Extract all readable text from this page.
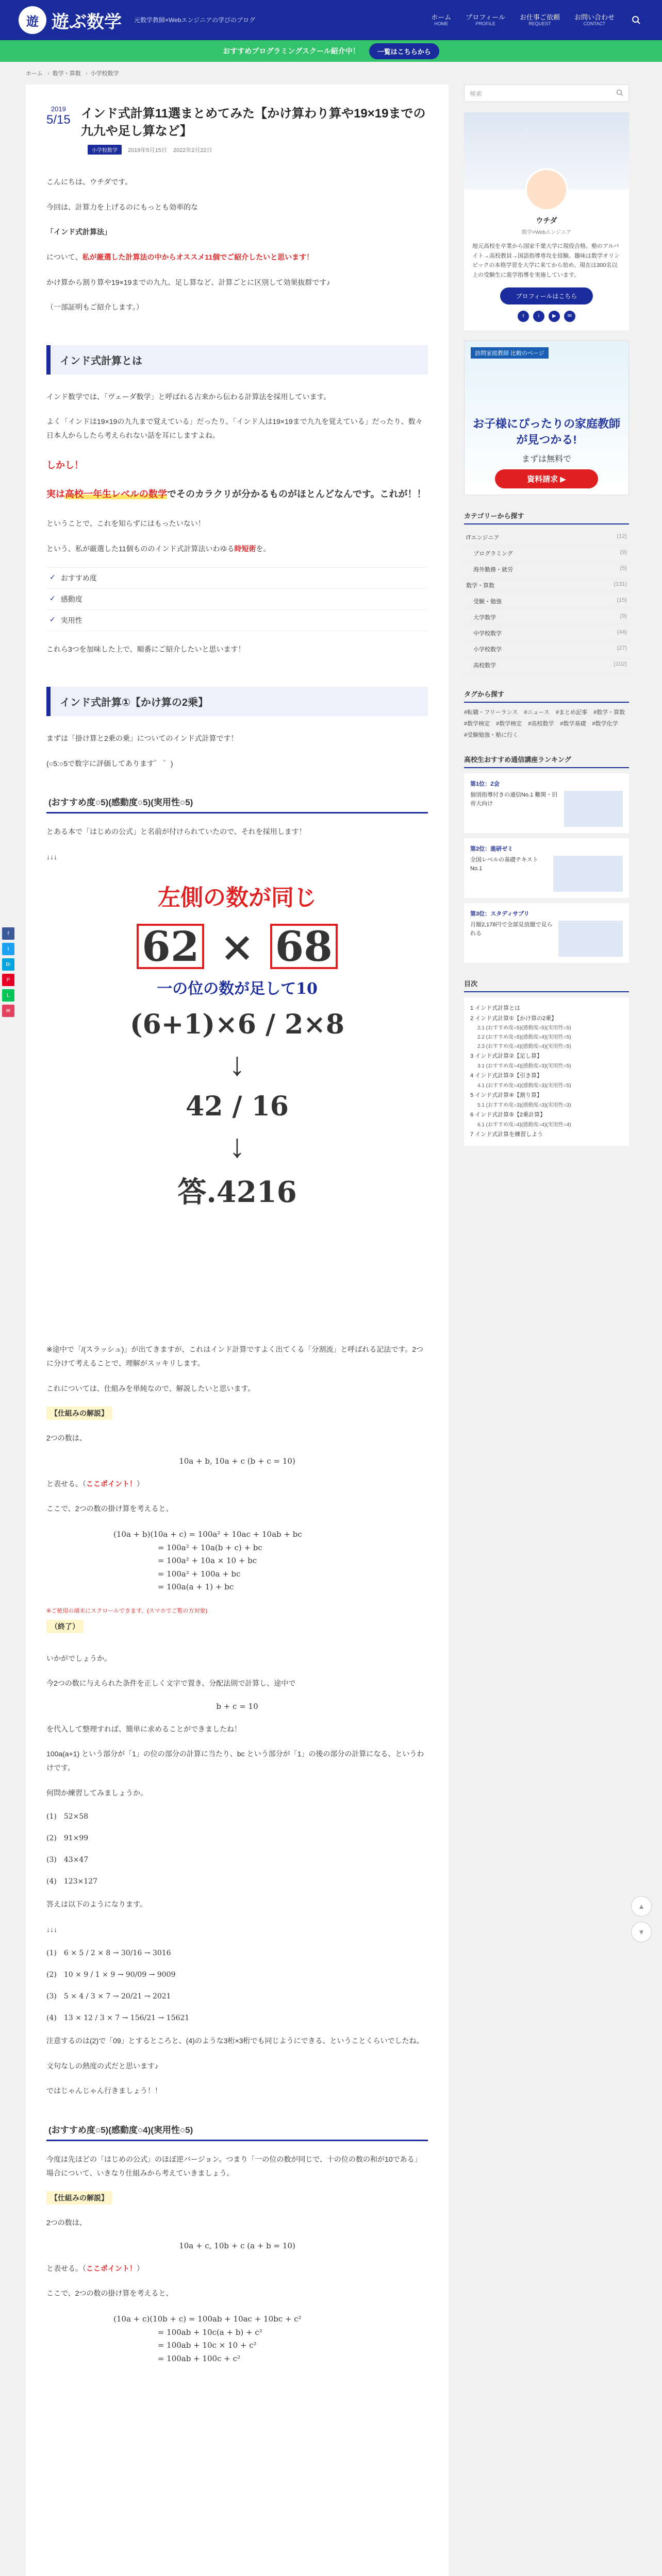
遊 遊ぶ数学 元数学教師×Webエンジニアの学びのブログ	ホーム
HOME
プロフィール
PROFILE
お仕事ご依頼
REQUEST
お問い合わせ
CONTACT
おすすめプログラミングスクール紹介中！	一覧はこちらから
ホーム › 数学・算数 › 小学校数学
f
t
B!
P
L
✉
2019
5/15 インド式計算11選まとめてみた【かけ算わり算や19×19までの九九や足し算など】
小学校数学	2019年5月15日 2022年2月22日

こんにちは、ウチダです。

今回は、計算力を上げるのにもっとも効率的な

「インド式計算法」

について、私が厳選した計算法の中からオススメ11個でご紹介したいと思います！

かけ算から割り算や19×19までの九九、足し算など、計算ごとに区別して効果抜群です♪

（一部証明もご紹介します。）

インド式計算とは

インド数学では、「ヴェーダ数学」と呼ばれる古来から伝わる計算法を採用しています。

よく「インドは19×19の九九まで覚えている」だったり、「インド人は19×19まで九九を覚えている」だったり、数々日本人からしたら考えられない話を耳にしますよね。

しかし！
実は高校一年生レベルの数学でそのカラクリが分かるものがほとんどなんです。これが！！

ということで、これを知らずにはもったいない！

という、私が厳選した11個もののインド式計算法いわゆる時短術を。

✓ おすすめ度
✓ 感動度
✓ 実用性

これら3つを加味した上で、順番にご紹介したいと思います！

インド式計算①【かけ算の2乗】

まずは「掛け算と2乗の乗」についてのインド式計算です！

(○5:○5で数字に評価してあります゜ ゜)

(おすすめ度○5)(感動度○5)(実用性○5)

とある本で「はじめの公式」と名前が付けられていたので、それを採用します！

↓↓↓

左側の数が同じ
62 × 68
一の位の数が足して10
(6+1)×6 / 2×8
↓
42 / 16
↓
答.4216

※途中で「/(スラッシュ)」が出てきますが、これはインド計算ですよく出てくる「分割流」と呼ばれる記法です。2つに分けて考えることで、理解がスッキリします。

これについては、仕組みを単純なので、解説したいと思います。

【仕組みの解説】

2つの数は、

10a + b, 10a + c (b + c = 10)

と表せる。（ここポイント！）

ここで、2つの数の掛け算を考えると、

(10a + b)(10a + c) = 100a² + 10ac + 10ab + bc
= 100a² + 10a(b + c) + bc
= 100a² + 10a × 10 + bc
= 100a² + 100a + bc
= 100a(a + 1) + bc
※ご使用の端末にスクロールできます。(スマホでご覧の方対象)
（終了）

いかがでしょうか。

今2つの数に与えられた条件を正しく文字で置き、分配法則で計算し、途中で

b + c = 10

を代入して整理すれば、簡単に求めることができましたね！

100a(a+1) という部分が「1」の位の部分の計算に当たり、bc という部分が「1」の後の部分の計算になる、というわけです。

何問か練習してみましょうか。

(1)　52×58
(2)　91×99
(3)　43×47
(4)　123×127

答えは以下のようになります。

↓↓↓

(1)　6 × 5 / 2 × 8 → 30/16 → 3016
(2)　10 × 9 / 1 × 9 → 90/09 → 9009
(3)　5 × 4 / 3 × 7 → 20/21 → 2021
(4)　13 × 12 / 3 × 7 → 156/21 → 15621

注意するのは(2)で「09」とするところと、(4)のような3桁×3桁でも同じようにできる、ということくらいでしたね。

文句なしの熱度の式だと思います♪

ではじゃんじゃん行きましょう！！

(おすすめ度○5)(感動度○4)(実用性○5)

今度は先ほどの「はじめの公式」のほぼ逆バージョン。つまり「一の位の数が同じで、十の位の数の和が10である」場合について、いきなり仕組みから考えていきましょう。

【仕組みの解説】

2つの数は、

10a + c, 10b + c (a + b = 10)

と表せる。（ここポイント！）

ここで、2つの数の掛け算を考えると、

(10a + c)(10b + c) = 100ab + 10ac + 10bc + c²
= 100ab + 10c(a + b) + c²
= 100ab + 10c × 10 + c²
= 100ab + 100c + c²
検索
ウチダ
数学×Webエンジニア
地元高校を卒業から国家千葉大学に現役合格。塾のアルバイト→高校教員→国語指導専攻を経験。趣味は数学オリンピックの本格学習を大学に来てから始め、現在は300名以上の受験生に進学指導を実施しています。
プロフィールはこちら
t	i	▶	✉
訪問家庭教師 比較のページ
お子様にぴったりの家庭教師が見つかる!
まずは無料で
資料請求 ▶
カテゴリーから探す
ITエンジニア	(12)
プログラミング	(9)
海外勤務・就労	(5)
数学・算数	(131)
受験・勉強	(15)
大学数学	(9)
中学校数学	(44)
小学校数学	(27)
高校数学	(102)
タグから探す
#転職・フリーランス #ニュース #まとめ記事 #数学・算数
#数学検定 #数学検定 #高校数学 #数学基礎 #数学化学
#受験勉強・塾に行く
高校生おすすめ通信講座ランキング
第1位：Z会
個別指導付きの通信No.1 難関・旧帝大向け
第2位：進研ゼミ
全国レベルの基礎テキスト No.1
第3位：スタディサプリ
月額2,178円で全部見放題で見られる
目次
1 インド式計算とは
2 インド式計算①【かけ算の2乗】
2.1 (おすすめ度○5)(感動度○5)(実用性○5)
2.2 (おすすめ度○5)(感動度○4)(実用性○5)
2.3 (おすすめ度○4)(感動度○4)(実用性○5)
3 インド式計算②【足し算】
3.1 (おすすめ度○4)(感動度○3)(実用性○5)
4 インド式計算③【引き算】
4.1 (おすすめ度○4)(感動度○3)(実用性○5)
5 インド式計算④【割り算】
5.1 (おすすめ度○3)(感動度○3)(実用性○3)
6 インド式計算⑤【2乗計算】
6.1 (おすすめ度○4)(感動度○4)(実用性○4)
7 インド式計算を練習しよう
▲
▼
